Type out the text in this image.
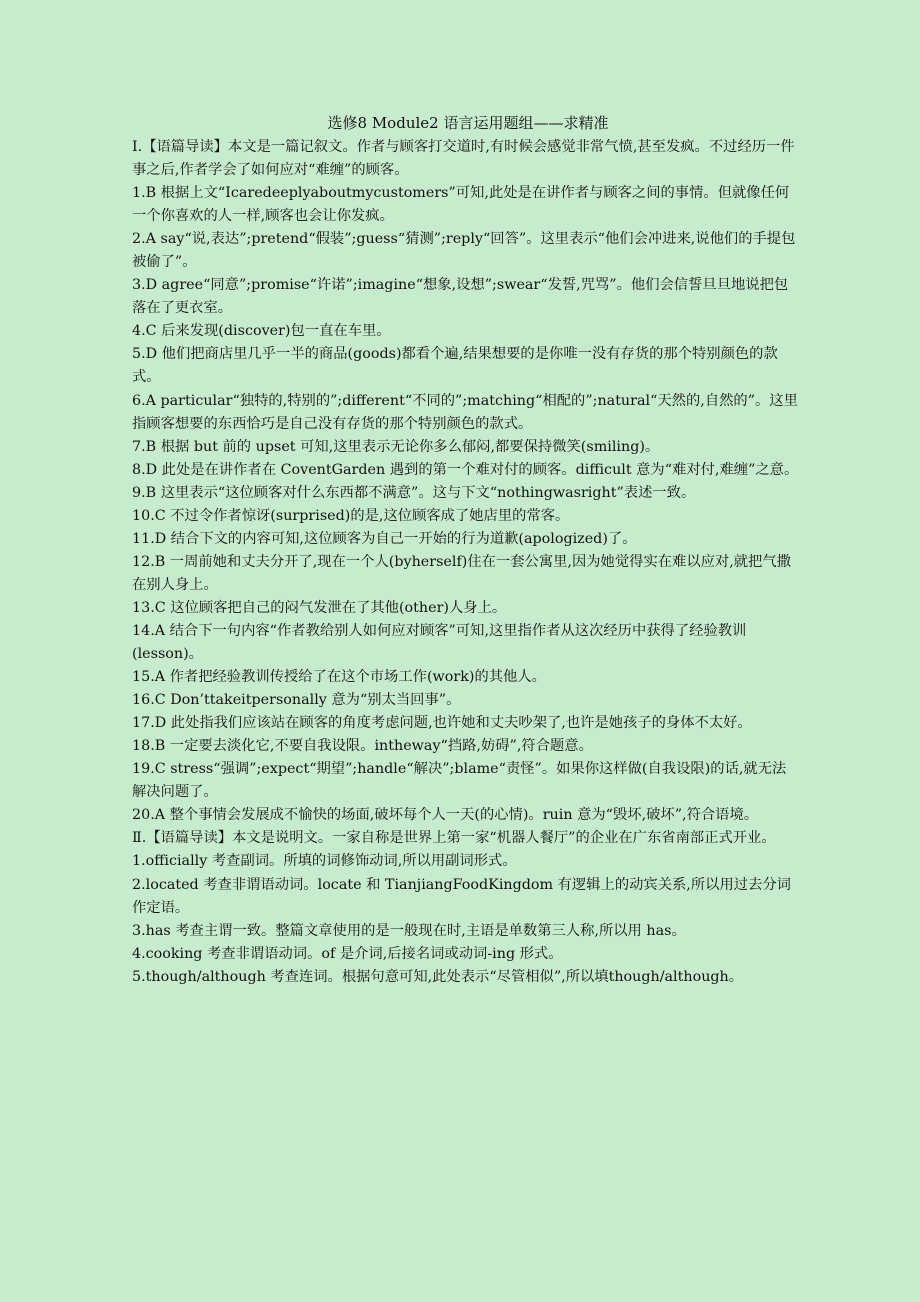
选修8 Module2 语言运用题组——求精准

Ⅰ.【语篇导读】本文是一篇记叙文。作者与顾客打交道时,有时候会感觉非常气愤,甚至发疯。不过经历一件事之后,作者学会了如何应对“难缠”的顾客。

1.B 根据上文“Icaredeeplyaboutmycustomers”可知,此处是在讲作者与顾客之间的事情。但就像任何一个你喜欢的人一样,顾客也会让你发疯。

2.A say“说,表达”;pretend“假装”;guess“猜测”;reply“回答”。这里表示“他们会冲进来,说他们的手提包被偷了”。

3.D agree“同意”;promise“许诺”;imagine“想象,设想”;swear“发誓,咒骂”。他们会信誓旦旦地说把包落在了更衣室。

4.C 后来发现(discover)包一直在车里。

5.D 他们把商店里几乎一半的商品(goods)都看个遍,结果想要的是你唯一没有存货的那个特别颜色的款式。

6.A particular“独特的,特别的”;different“不同的”;matching“相配的”;natural“天然的,自然的”。这里指顾客想要的东西恰巧是自己没有存货的那个特别颜色的款式。

7.B 根据 but 前的 upset 可知,这里表示无论你多么郁闷,都要保持微笑(smiling)。

8.D 此处是在讲作者在 CoventGarden 遇到的第一个难对付的顾客。difficult 意为“难对付,难缠”之意。

9.B 这里表示“这位顾客对什么东西都不满意”。这与下文“nothingwasright”表述一致。

10.C 不过令作者惊讶(surprised)的是,这位顾客成了她店里的常客。

11.D 结合下文的内容可知,这位顾客为自己一开始的行为道歉(apologized)了。

12.B 一周前她和丈夫分开了,现在一个人(byherself)住在一套公寓里,因为她觉得实在难以应对,就把气撒在别人身上。

13.C 这位顾客把自己的闷气发泄在了其他(other)人身上。

14.A 结合下一句内容“作者教给别人如何应对顾客”可知,这里指作者从这次经历中获得了经验教训(lesson)。

15.A 作者把经验教训传授给了在这个市场工作(work)的其他人。

16.C Don’ttakeitpersonally 意为“别太当回事”。

17.D 此处指我们应该站在顾客的角度考虑问题,也许她和丈夫吵架了,也许是她孩子的身体不太好。

18.B 一定要去淡化它,不要自我设限。intheway“挡路,妨碍”,符合题意。

19.C stress“强调”;expect“期望”;handle“解决”;blame“责怪”。如果你这样做(自我设限)的话,就无法解决问题了。

20.A 整个事情会发展成不愉快的场面,破坏每个人一天(的心情)。ruin 意为“毁坏,破坏”,符合语境。

Ⅱ.【语篇导读】本文是说明文。一家自称是世界上第一家“机器人餐厅”的企业在广东省南部正式开业。

1.officially 考查副词。所填的词修饰动词,所以用副词形式。

2.located 考查非谓语动词。locate 和 TianjiangFoodKingdom 有逻辑上的动宾关系,所以用过去分词作定语。

3.has 考查主谓一致。整篇文章使用的是一般现在时,主语是单数第三人称,所以用 has。

4.cooking 考查非谓语动词。of 是介词,后接名词或动词-ing 形式。

5.though/although 考查连词。根据句意可知,此处表示“尽管相似”,所以填though/although。
